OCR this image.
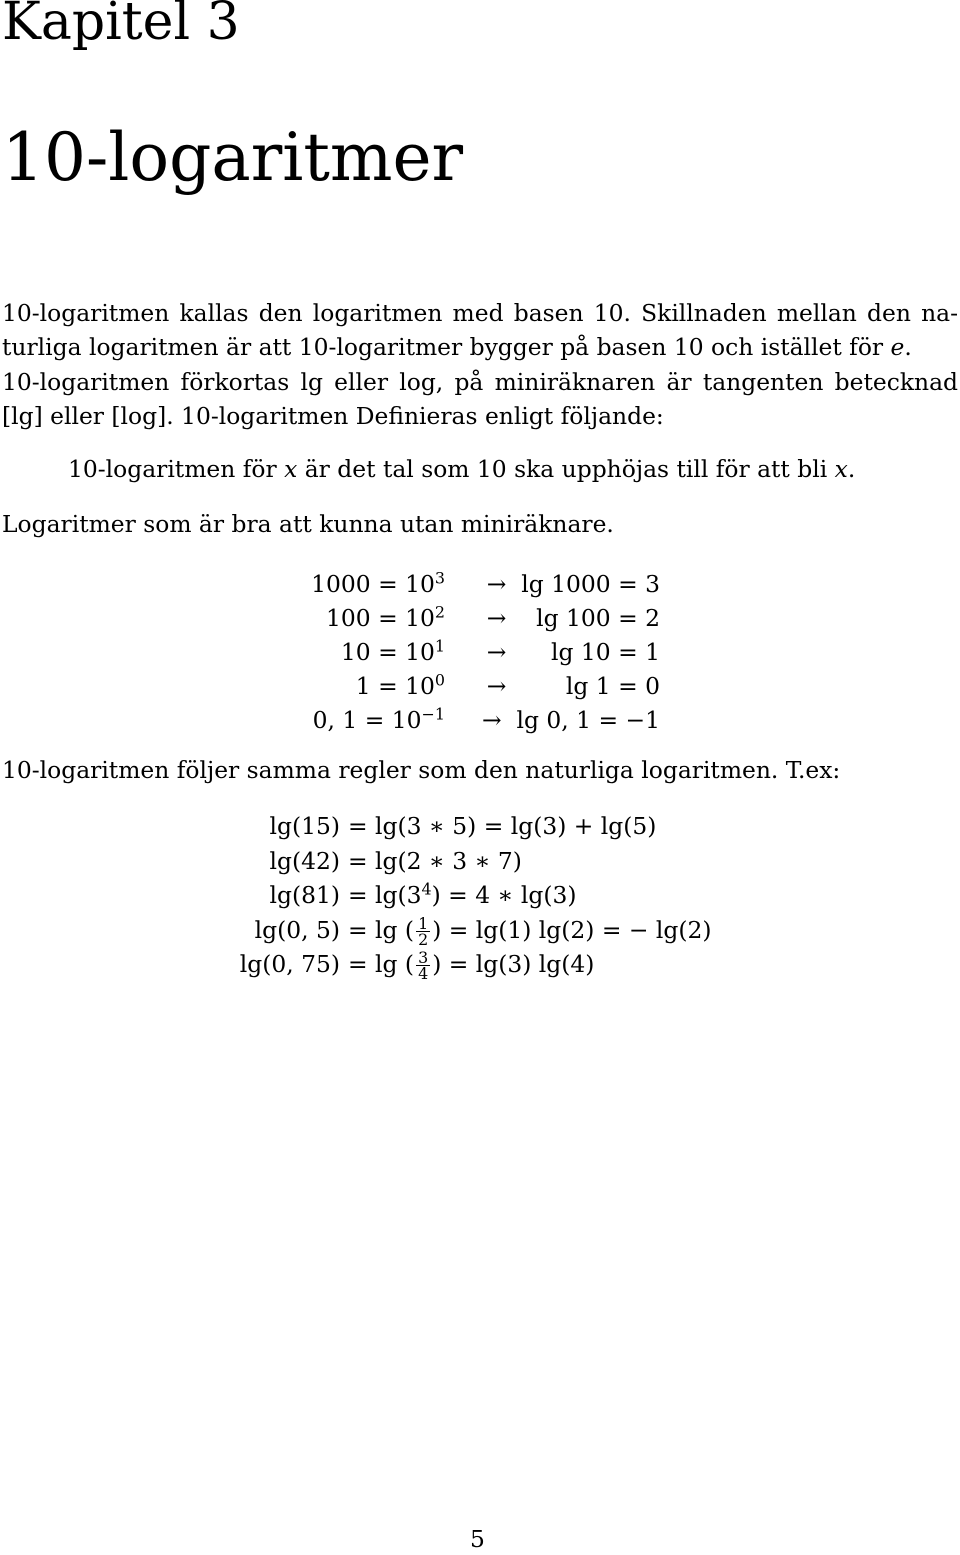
Kapitel 3
10-logaritmer
10-logaritmen kallas den logaritmen med basen 10. Skillnaden mellan den na-
turliga logaritmen är att 10-logaritmer bygger på basen 10 och istället för e.
10-logaritmen förkortas lg eller log, på miniräknaren är tangenten betecknad
[lg] eller [log]. 10-logaritmen Definieras enligt följande:
10-logaritmen för x är det tal som 10 ska upphöjas till för att bli x.
Logaritmer som är bra att kunna utan miniräknare.
$1000 = 10^3 \to \lg 1000 = 3$
$100 = 10^2 \to \lg 100 = 2$
$10 = 10^1 \to \lg 10 = 1$
$1 = 10^0$ →	lg 1 = 0
0, $1 = 10^{-1} \to \lg 0$, 1 = −1
10-logaritmen följer samma regler som den naturliga logaritmen. T.ex:
lg(15) = lg(3 ∗ 5) = lg(3) + lg(5)
lg(42) = lg(2 ∗ 3 ∗ 7)
$\lg(81) = \lg(3^4) = 4$ ∗ lg(3)
lg(0, 5) = lg ( $\frac{1}{2}$ ) = lg(1) lg(2) = − lg(2)
lg(0, 75) = lg ( $\frac{3}{4}$ ) = lg(3) lg(4)
5
